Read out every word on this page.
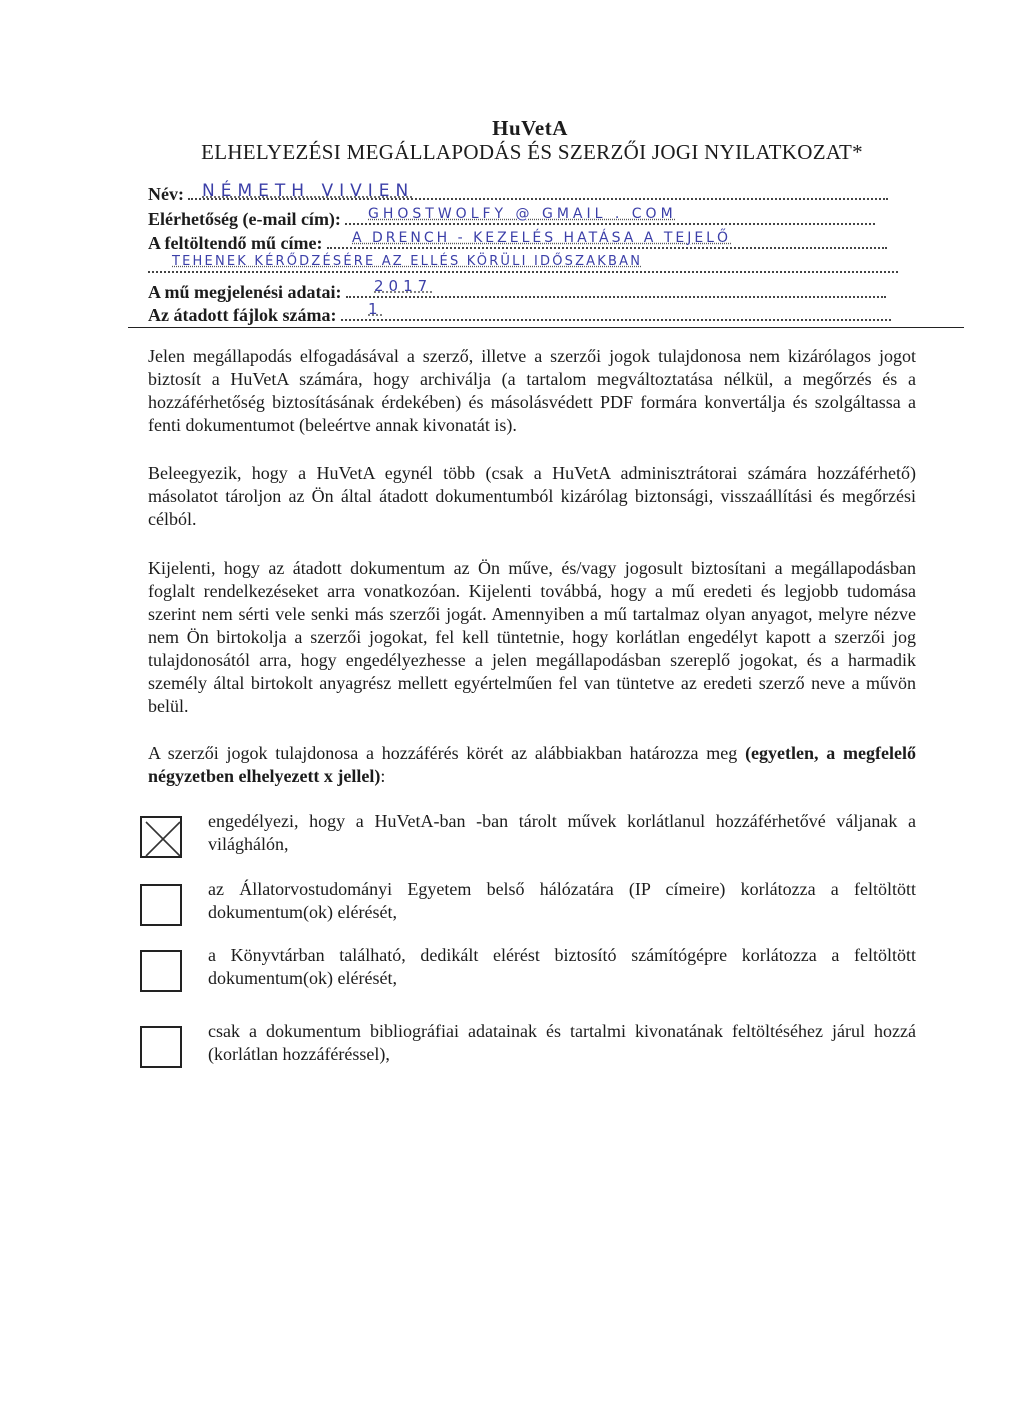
HuVetA
ELHELYEZÉSI MEGÁLLAPODÁS ÉS SZERZŐI JOGI NYILATKOZAT*
Név:	NÉMETH VIVIEN
Elérhetőség (e-mail cím):	GHOSTWOLFY @ GMAIL . COM
A feltöltendő mű címe:	A DRENCH - KEZELÉS HATÁSA A TEJELŐ
TEHENEK KÉRŐDZÉSÉRE AZ ELLÉS KÖRÜLI IDŐSZAKBAN
A mű megjelenési adatai:	2017
Az átadott fájlok száma:	1
Jelen megállapodás elfogadásával a szerző, illetve a szerzői jogok tulajdonosa nem kizárólagos jogot biztosít a HuVetA számára, hogy archiválja (a tartalom megváltoztatása nélkül, a megőrzés és a hozzáférhetőség biztosításának érdekében) és másolásvédett PDF formára konvertálja és szolgáltassa a fenti dokumentumot (beleértve annak kivonatát is).
Beleegyezik, hogy a HuVetA egynél több (csak a HuVetA adminisztrátorai számára hozzáférhető) másolatot tároljon az Ön által átadott dokumentumból kizárólag biztonsági, visszaállítási és megőrzési célból.
Kijelenti, hogy az átadott dokumentum az Ön műve, és/vagy jogosult biztosítani a megállapodásban foglalt rendelkezéseket arra vonatkozóan. Kijelenti továbbá, hogy a mű eredeti és legjobb tudomása szerint nem sérti vele senki más szerzői jogát. Amennyiben a mű tartalmaz olyan anyagot, melyre nézve nem Ön birtokolja a szerzői jogokat, fel kell tüntetnie, hogy korlátlan engedélyt kapott a szerzői jog tulajdonosától arra, hogy engedélyezhesse a jelen megállapodásban szereplő jogokat, és a harmadik személy által birtokolt anyagrész mellett egyértelműen fel van tüntetve az eredeti szerző neve a művön belül.
A szerzői jogok tulajdonosa a hozzáférés körét az alábbiakban határozza meg (egyetlen, a megfelelő négyzetben elhelyezett x jellel):
engedélyezi, hogy a HuVetA-ban -ban tárolt művek korlátlanul hozzáférhetővé váljanak a világhálón,
az Állatorvostudományi Egyetem belső hálózatára (IP címeire) korlátozza a feltöltött dokumentum(ok) elérését,
a Könyvtárban található, dedikált elérést biztosító számítógépre korlátozza a feltöltött dokumentum(ok) elérését,
csak a dokumentum bibliográfiai adatainak és tartalmi kivonatának feltöltéséhez járul hozzá (korlátlan hozzáféréssel),
